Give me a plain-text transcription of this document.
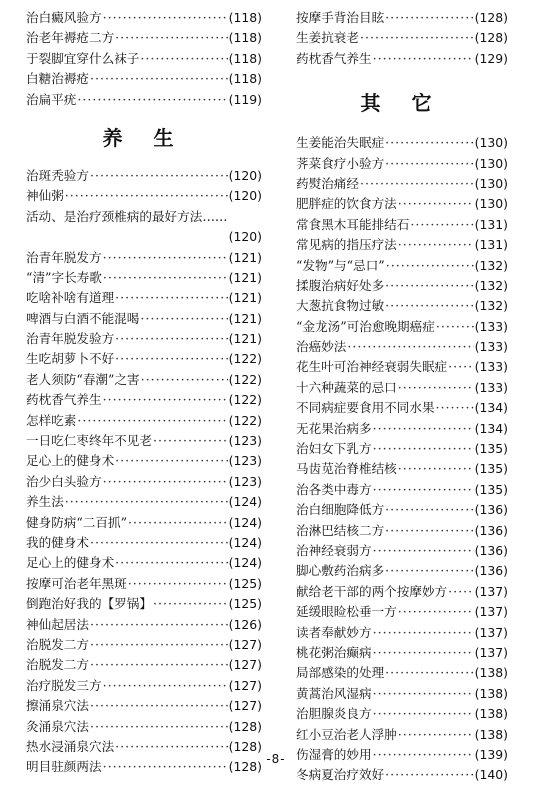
治白癜风验方 ·····	(118)
治老年褥疮二方 ·····	(118)
于裂脚宜穿什么袜子 ·····	(118)
白糖治褥疮 ·····	(118)
治扁平疣 ·····	(119)
养 生
治斑秃验方 ·····	(120)
神仙粥 ·····	(120)
活动、是治疗颈椎病的最好方法……
(120)
治青年脱发方 ·····	(121)
“清”字长寿歌 ·····	(121)
吃啥补啥有道理 ·····	(121)
啤酒与白酒不能混喝 ·····	(121)
治青年脱发验方 ·····	(121)
生吃胡萝卜不好 ·····	(122)
老人须防“春潮”之害 ·····	(122)
药枕香气养生 ·····	(122)
怎样吃素 ·····	(122)
一日吃仁枣终年不见老 ·····	(123)
足心上的健身术 ·····	(123)
治少白头验方 ·····	(123)
养生法 ·····	(124)
健身防病“二百抓” ·····	(124)
我的健身术 ·····	(124)
足心上的健身术 ·····	(124)
按摩可治老年黑斑 ·····	(125)
倒跑治好我的【罗锅】 ·····	(125)
神仙起居法 ·····	(126)
治脱发二方 ·····	(127)
治脱发二方 ·····	(127)
治疗脱发三方 ·····	(127)
擦涌泉穴法 ·····	(127)
灸涌泉穴法 ·····	(128)
热水浸涌泉穴法 ·····	(128)
明目驻颜两法 ·····	(128)
按摩手背治目眩 ·····	(128)
生姜抗衰老 ·····	(128)
药枕香气养生 ·····	(129)
其 它
生姜能治失眠症 ·····	(130)
荠菜食疗小验方 ·····	(130)
药熨治痛经 ·····	(130)
肥胖症的饮食方法 ·····	(130)
常食黑木耳能排结石 ·····	(131)
常见病的指压疗法 ·····	(131)
“发物”与“忌口” ·····	(132)
揉腹治病好处多 ·····	(132)
大葱抗食物过敏 ·····	(132)
“金龙汤”可治愈晚期癌症 ·····	(133)
治癌妙法 ·····	(133)
花生叶可治神经衰弱失眠症 ····· (133)
十六种蔬菜的忌口 ·····	(133)
不同病症要食用不同水果 ·····	(134)
无花果治病多 ·····	(134)
治妇女下乳方 ·····	(135)
马齿苋治脊椎结核 ·····	(135)
治各类中毒方 ·····	(135)
治白细胞降低方 ·····	(136)
治淋巴结核二方 ·····	(136)
治神经衰弱方 ·····	(136)
脚心敷药治病多 ·····	(136)
献给老干部的两个按摩妙方 ····· (137)
延缓眼睑松垂一方 ·····	(137)
读者奉献妙方 ·····	(137)
桃花粥治癫病 ·····	(137)
局部感染的处理 ·····	(138)
黄蒿治风湿病 ·····	(138)
治胆腺炎良方 ·····	(138)
红小豆治老人浮肿 ·····	(138)
伤湿膏的妙用 ·····	(139)
冬病夏治疗效好 ·····	(140)
-8-
